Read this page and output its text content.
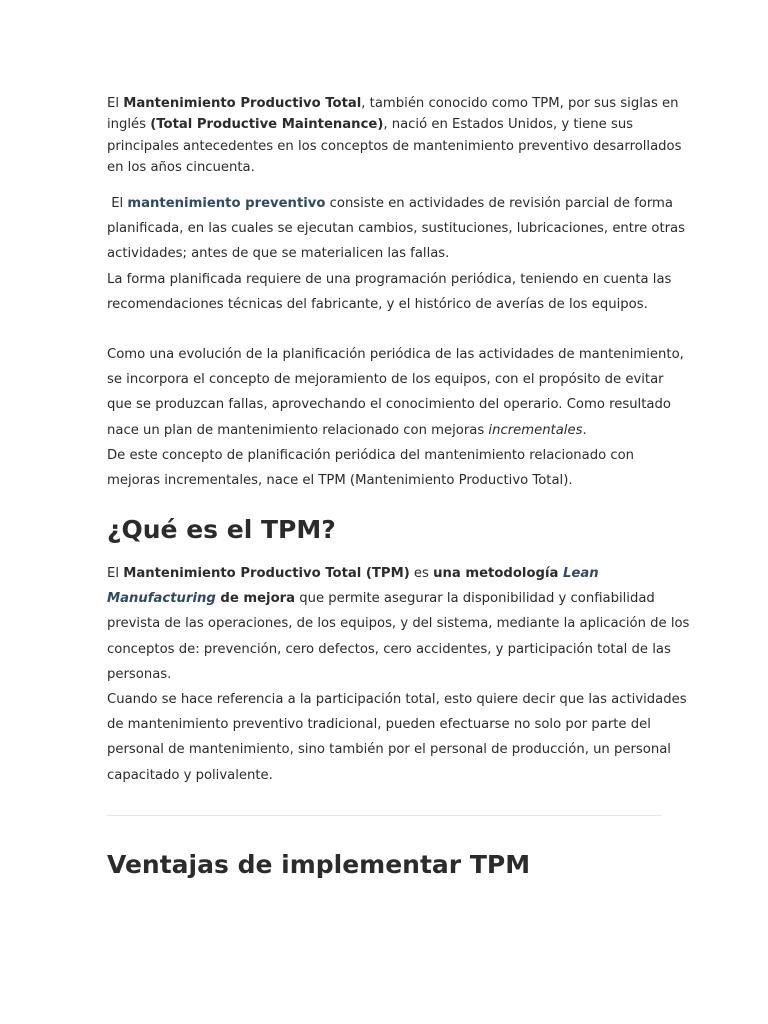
El Mantenimiento Productivo Total, también conocido como TPM, por sus siglas en
inglés (Total Productive Maintenance), nació en Estados Unidos, y tiene sus
principales antecedentes en los conceptos de mantenimiento preventivo desarrollados
en los años cincuenta.

El mantenimiento preventivo consiste en actividades de revisión parcial de forma
planificada, en las cuales se ejecutan cambios, sustituciones, lubricaciones, entre otras
actividades; antes de que se materialicen las fallas.
La forma planificada requiere de una programación periódica, teniendo en cuenta las
recomendaciones técnicas del fabricante, y el histórico de averías de los equipos.

Como una evolución de la planificación periódica de las actividades de mantenimiento,
se incorpora el concepto de mejoramiento de los equipos, con el propósito de evitar
que se produzcan fallas, aprovechando el conocimiento del operario. Como resultado
nace un plan de mantenimiento relacionado con mejoras incrementales.
De este concepto de planificación periódica del mantenimiento relacionado con
mejoras incrementales, nace el TPM (Mantenimiento Productivo Total).

¿Qué es el TPM?

El Mantenimiento Productivo Total (TPM) es una metodología Lean
Manufacturing de mejora que permite asegurar la disponibilidad y confiabilidad
prevista de las operaciones, de los equipos, y del sistema, mediante la aplicación de los
conceptos de: prevención, cero defectos, cero accidentes, y participación total de las
personas.
Cuando se hace referencia a la participación total, esto quiere decir que las actividades
de mantenimiento preventivo tradicional, pueden efectuarse no solo por parte del
personal de mantenimiento, sino también por el personal de producción, un personal
capacitado y polivalente.

Ventajas de implementar TPM
